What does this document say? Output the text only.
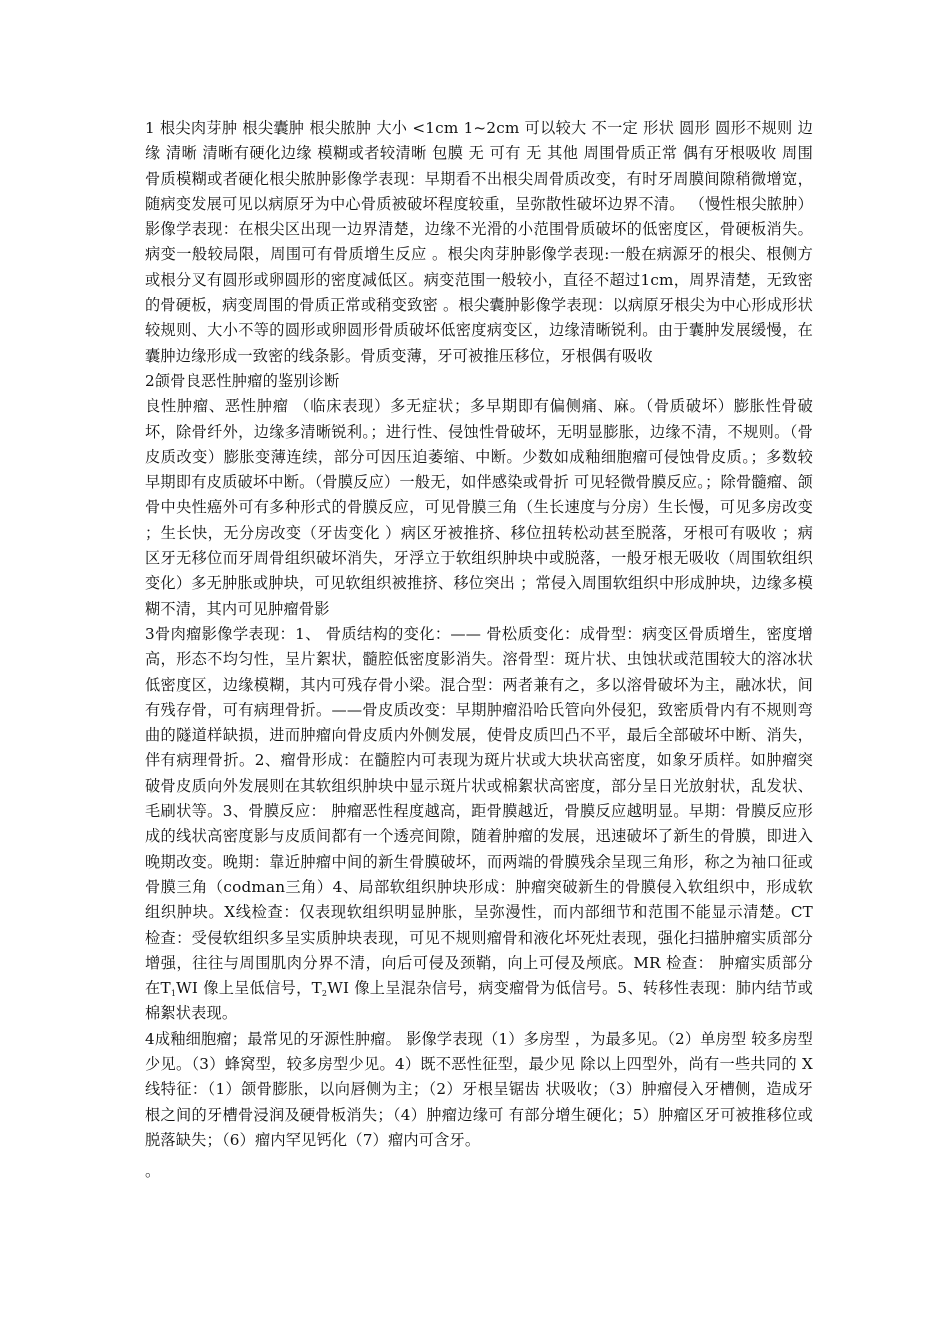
1 根尖肉芽肿 根尖囊肿 根尖脓肿 大小 <1cm 1~2cm 可以较大 不一定 形状 圆形 圆形不规则 边缘 清晰 清晰有硬化边缘 模糊或者较清晰 包膜 无 可有 无 其他 周围骨质正常 偶有牙根吸收 周围骨质模糊或者硬化根尖脓肿影像学表现：早期看不出根尖周骨质改变，有时牙周膜间隙稍微增宽，随病变发展可见以病原牙为中心骨质被破坏程度较重，呈弥散性破坏边界不清。 （慢性根尖脓肿）影像学表现：在根尖区出现一边界清楚，边缘不光滑的小范围骨质破坏的低密度区，骨硬板消失。病变一般较局限，周围可有骨质增生反应 。根尖肉芽肿影像学表现:一般在病源牙的根尖、根侧方或根分叉有圆形或卵圆形的密度减低区。病变范围一般较小，直径不超过1cm，周界清楚，无致密的骨硬板，病变周围的骨质正常或稍变致密 。根尖囊肿影像学表现：以病原牙根尖为中心形成形状较规则、大小不等的圆形或卵圆形骨质破坏低密度病变区，边缘清晰锐利。由于囊肿发展缓慢，在囊肿边缘形成一致密的线条影。骨质变薄，牙可被推压移位，牙根偶有吸收

2颌骨良恶性肿瘤的鉴别诊断

良性肿瘤、恶性肿瘤 （临床表现）多无症状；多早期即有偏侧痛、麻。（骨质破坏）膨胀性骨破坏，除骨纤外，边缘多清晰锐利。；进行性、侵蚀性骨破坏，无明显膨胀，边缘不清，不规则。（骨皮质改变）膨胀变薄连续，部分可因压迫萎缩、中断。少数如成釉细胞瘤可侵蚀骨皮质。；多数较早期即有皮质破坏中断。（骨膜反应）一般无，如伴感染或骨折 可见轻微骨膜反应。；除骨髓瘤、颌骨中央性癌外可有多种形式的骨膜反应，可见骨膜三角（生长速度与分房）生长慢，可见多房改变 ；生长快，无分房改变（牙齿变化 ）病区牙被推挤、移位扭转松动甚至脱落，牙根可有吸收 ；病区牙无移位而牙周骨组织破坏消失，牙浮立于软组织肿块中或脱落，一般牙根无吸收（周围软组织变化）多无肿胀或肿块，可见软组织被推挤、移位突出 ；常侵入周围软组织中形成肿块，边缘多模糊不清，其内可见肿瘤骨影

3骨肉瘤影像学表现：1、 骨质结构的变化：—— 骨松质变化：成骨型：病变区骨质增生，密度增高，形态不均匀性，呈片絮状，髓腔低密度影消失。溶骨型：斑片状、虫蚀状或范围较大的溶冰状 低密度区，边缘模糊，其内可残存骨小梁。混合型：两者兼有之，多以溶骨破坏为主，融冰状，间有残存骨，可有病理骨折。——骨皮质改变：早期肿瘤沿哈氏管向外侵犯，致密质骨内有不规则弯曲的隧道样缺损，进而肿瘤向骨皮质内外侧发展，使骨皮质凹凸不平，最后全部破坏中断、消失，伴有病理骨折。2、瘤骨形成：在髓腔内可表现为斑片状或大块状高密度，如象牙质样。如肿瘤突破骨皮质向外发展则在其软组织肿块中显示斑片状或棉絮状高密度，部分呈日光放射状，乱发状、毛刷状等。3、骨膜反应： 肿瘤恶性程度越高，距骨膜越近，骨膜反应越明显。早期：骨膜反应形成的线状高密度影与皮质间都有一个透亮间隙，随着肿瘤的发展，迅速破坏了新生的骨膜，即进入晚期改变。晚期：靠近肿瘤中间的新生骨膜破坏，而两端的骨膜残余呈现三角形，称之为袖口征或骨膜三角（codman三角）4、局部软组织肿块形成：肿瘤突破新生的骨膜侵入软组织中，形成软组织肿块。X线检查：仅表现软组织明显肿胀，呈弥漫性，而内部细节和范围不能显示清楚。CT 检查：受侵软组织多呈实质肿块表现，可见不规则瘤骨和液化坏死灶表现，强化扫描肿瘤实质部分增强，往往与周围肌肉分界不清，向后可侵及颈鞘，向上可侵及颅底。MR 检查： 肿瘤实质部分在$T_1WI$ 像上呈低信号，$T_2WI$ 像上呈混杂信号，病变瘤骨为低信号。5、转移性表现：肺内结节或棉絮状表现。

4成釉细胞瘤；最常见的牙源性肿瘤。 影像学表现（1）多房型 ，为最多见。（2）单房型 较多房型少见。（3）蜂窝型，较多房型少见。4）既不恶性征型，最少见 除以上四型外，尚有一些共同的 X 线特征：（1）颌骨膨胀，以向唇侧为主；（2）牙根呈锯齿 状吸收；（3）肿瘤侵入牙槽侧，造成牙根之间的牙槽骨浸润及硬骨板消失；（4）肿瘤边缘可 有部分增生硬化；5）肿瘤区牙可被推移位或脱落缺失；（6）瘤内罕见钙化（7）瘤内可含牙。

。
